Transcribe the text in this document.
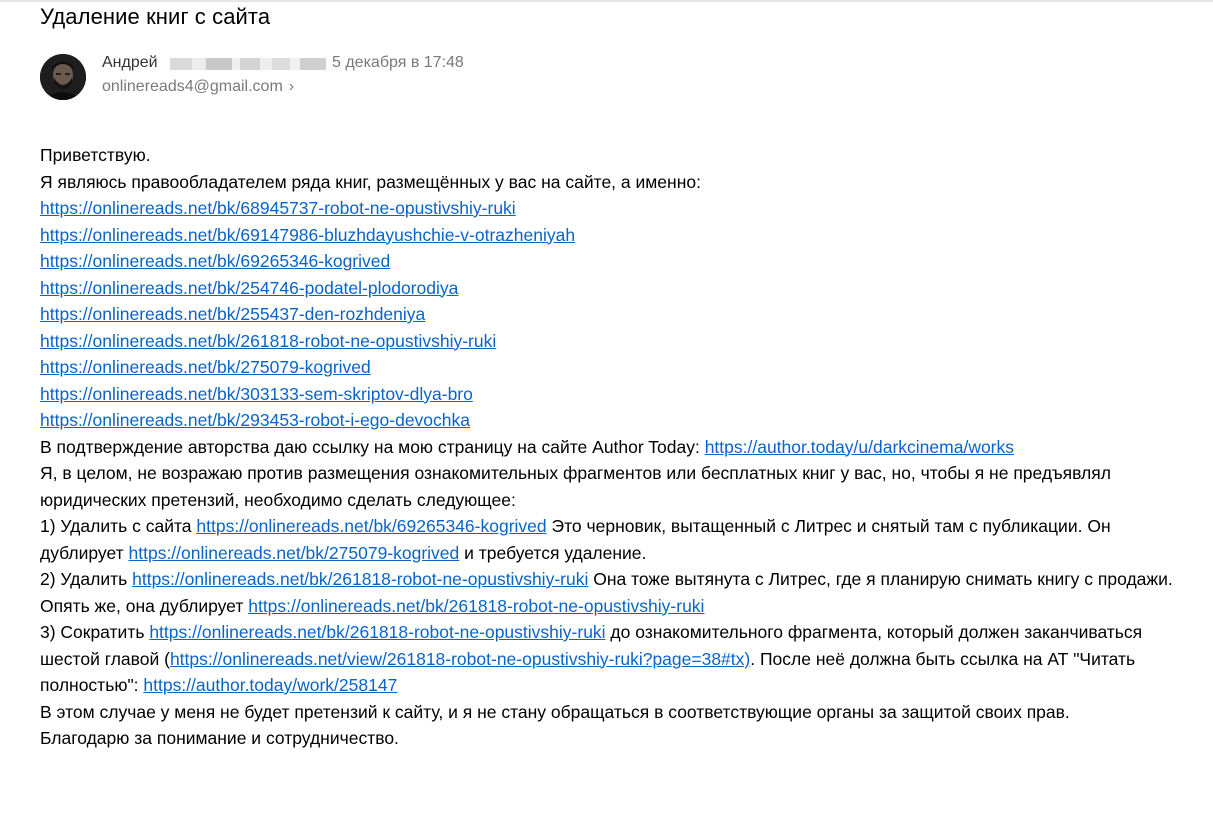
Удаление книг с сайта
Андрей	5 декабря в 17:48
onlinereads4@gmail.com ›

Приветствую.

Я являюсь правообладателем ряда книг, размещённых у вас на сайте, а именно:

https://onlinereads.net/bk/68945737-robot-ne-opustivshiy-ruki

https://onlinereads.net/bk/69147986-bluzhdayushchie-v-otrazheniyah

https://onlinereads.net/bk/69265346-kogrived

https://onlinereads.net/bk/254746-podatel-plodorodiya

https://onlinereads.net/bk/255437-den-rozhdeniya

https://onlinereads.net/bk/261818-robot-ne-opustivshiy-ruki

https://onlinereads.net/bk/275079-kogrived

https://onlinereads.net/bk/303133-sem-skriptov-dlya-bro

https://onlinereads.net/bk/293453-robot-i-ego-devochka

В подтверждение авторства даю ссылку на мою страницу на сайте Author Today: https://author.today/u/darkcinema/works

Я, в целом, не возражаю против размещения ознакомительных фрагментов или бесплатных книг у вас, но, чтобы я не предъявлял юридических претензий, необходимо сделать следующее:

1) Удалить с сайта https://onlinereads.net/bk/69265346-kogrived Это черновик, вытащенный с Литрес и снятый там с публикации. Он дублирует https://onlinereads.net/bk/275079-kogrived и требуется удаление.

2) Удалить https://onlinereads.net/bk/261818-robot-ne-opustivshiy-ruki Она тоже вытянута с Литрес, где я планирую снимать книгу с продажи. Опять же, она дублирует https://onlinereads.net/bk/261818-robot-ne-opustivshiy-ruki

3) Сократить https://onlinereads.net/bk/261818-robot-ne-opustivshiy-ruki до ознакомительного фрагмента, который должен заканчиваться шестой главой (https://onlinereads.net/view/261818-robot-ne-opustivshiy-ruki?page=38#tx). После неё должна быть ссылка на АТ "Читать полностью": https://author.today/work/258147

В этом случае у меня не будет претензий к сайту, и я не стану обращаться в соответствующие органы за защитой своих прав.

Благодарю за понимание и сотрудничество.
